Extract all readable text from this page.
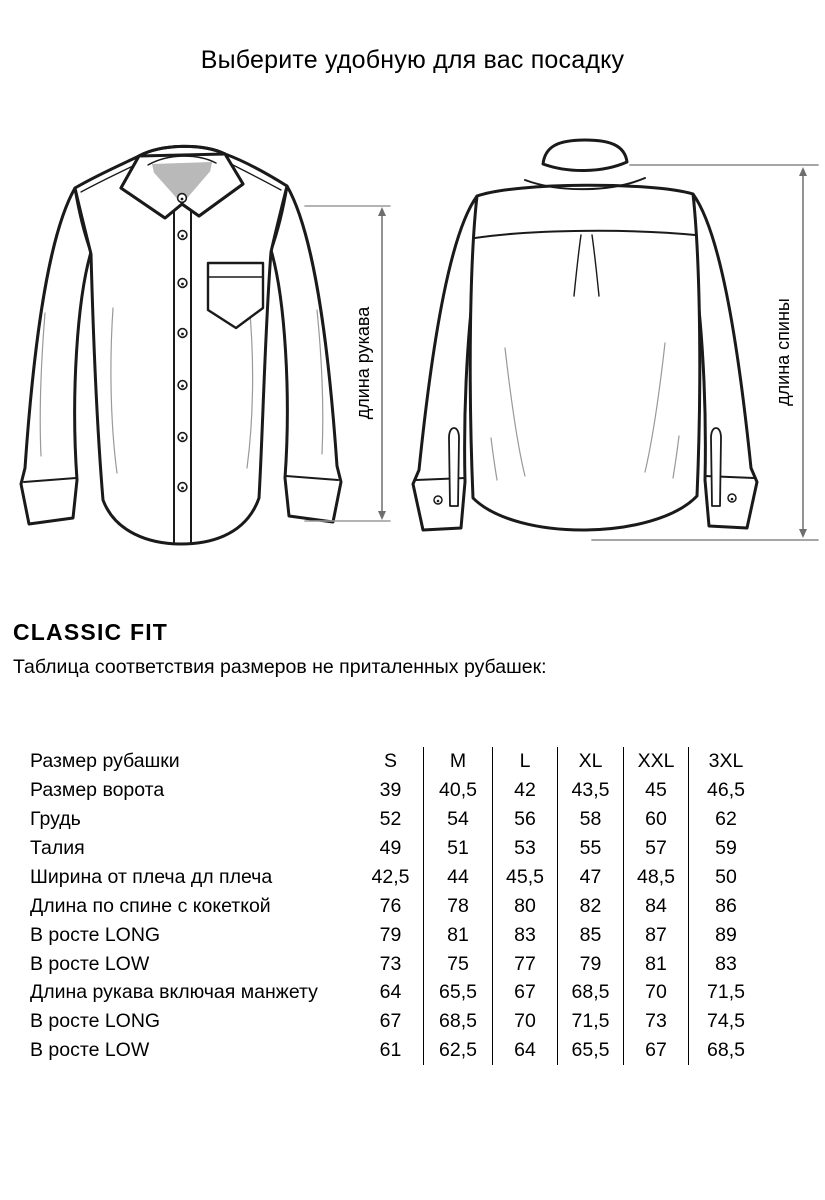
Выберите удобную для вас посадку
длина рукава	длина спины
CLASSIC FIT
Таблица соответствия размеров не приталенных рубашек:
Размер рубашки	S	M	L	XL	XXL	3XL
Размер ворота	39	40,5	42	43,5	45	46,5
Грудь	52	54	56	58	60	62
Талия	49	51	53	55	57	59
Ширина от плеча дл плеча	42,5	44	45,5	47	48,5	50
Длина по спине с кокеткой	76	78	80	82	84	86
В росте LONG	79	81	83	85	87	89
В росте LOW	73	75	77	79	81	83
Длина рукава включая манжету	64	65,5	67	68,5	70	71,5
В росте LONG	67	68,5	70	71,5	73	74,5
В росте LOW	61	62,5	64	65,5	67	68,5
